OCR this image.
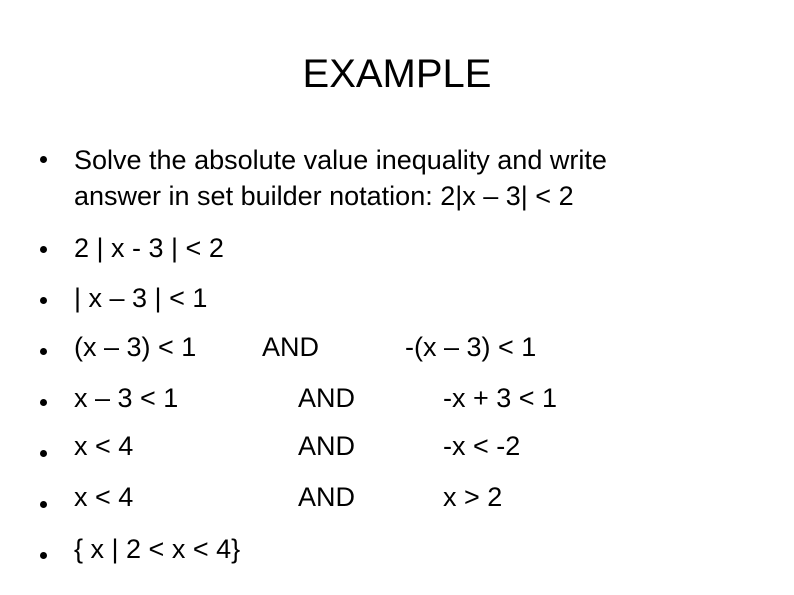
EXAMPLE
Solve the absolute value inequality and write
answer in set builder notation: 2|x – 3| < 2
2 | x - 3 | < 2
| x – 3 | < 1
(x – 3) < 1 AND	-(x – 3) < 1
x – 3 < 1	AND	-x + 3 < 1
x < 4	AND	-x < -2
x < 4	AND	x > 2
{ x | 2 < x < 4}
